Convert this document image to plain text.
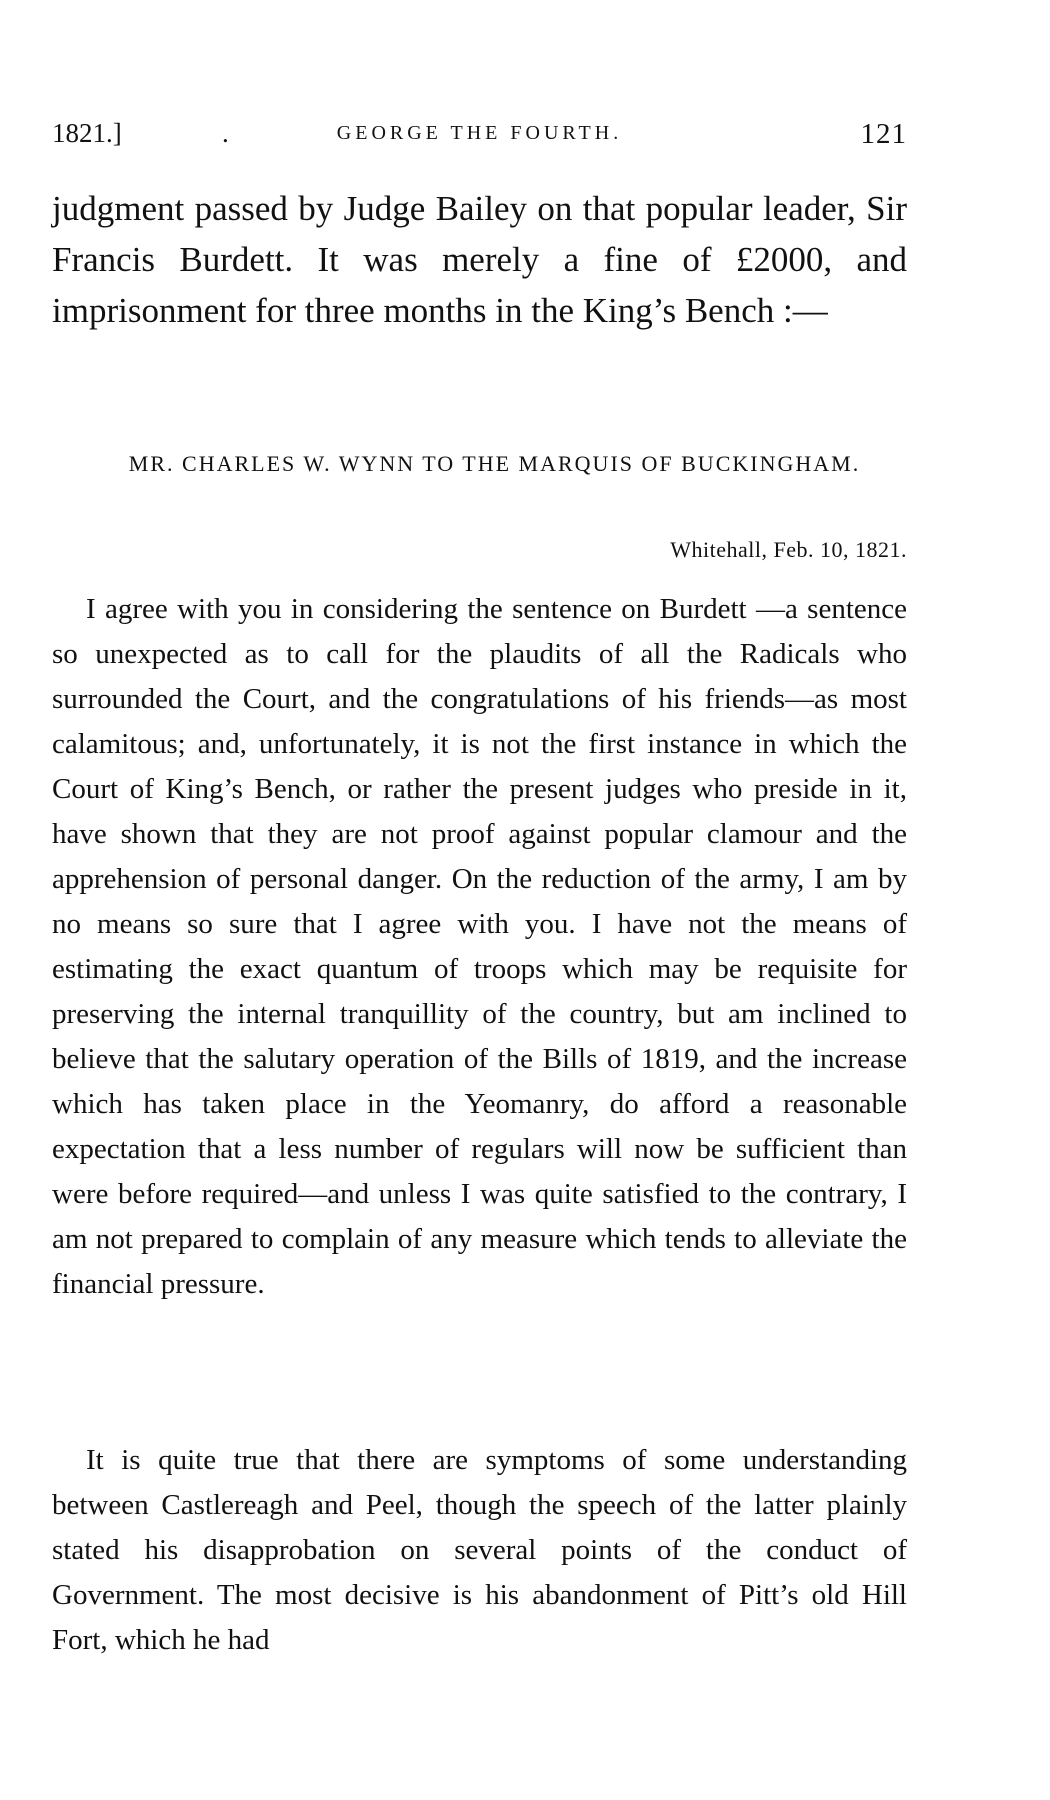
1821.]	.	GEORGE THE FOURTH.	121

judgment passed by Judge Bailey on that popular leader, Sir Francis Burdett. It was merely a fine of £2000, and imprisonment for three months in the King’s Bench :—

MR. CHARLES W. WYNN TO THE MARQUIS OF BUCKINGHAM.
Whitehall, Feb. 10, 1821.

I agree with you in considering the sentence on Burdett —a sentence so unexpected as to call for the plaudits of all the Radicals who surrounded the Court, and the congratulations of his friends—as most calamitous; and, unfortunately, it is not the first instance in which the Court of King’s Bench, or rather the present judges who preside in it, have shown that they are not proof against popular clamour and the apprehension of personal danger. On the reduction of the army, I am by no means so sure that I agree with you. I have not the means of estimating the exact quantum of troops which may be requisite for preserving the internal tranquillity of the country, but am inclined to believe that the salutary operation of the Bills of 1819, and the increase which has taken place in the Yeomanry, do afford a reasonable expectation that a less number of regulars will now be sufficient than were before required—and unless I was quite satisfied to the contrary, I am not prepared to complain of any measure which tends to alleviate the financial pressure.

It is quite true that there are symptoms of some understanding between Castlereagh and Peel, though the speech of the latter plainly stated his disapprobation on several points of the conduct of Government. The most decisive is his abandonment of Pitt’s old Hill Fort, which he had
